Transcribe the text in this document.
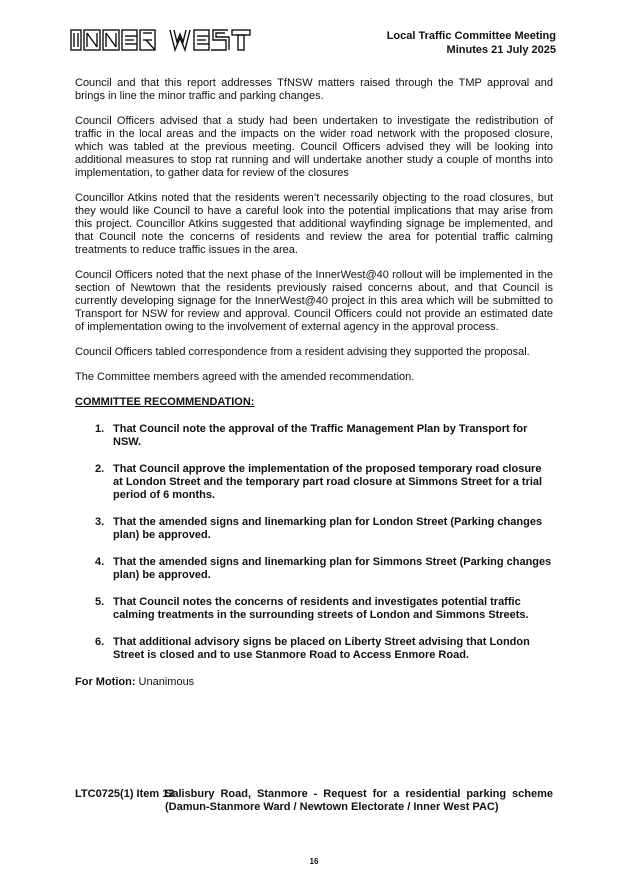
Local Traffic Committee Meeting
Minutes 21 July 2025

Council and that this report addresses TfNSW matters raised through the TMP approval and brings in line the minor traffic and parking changes.

Council Officers advised that a study had been undertaken to investigate the redistribution of traffic in the local areas and the impacts on the wider road network with the proposed closure, which was tabled at the previous meeting. Council Officers advised they will be looking into additional measures to stop rat running and will undertake another study a couple of months into implementation, to gather data for review of the closures

Councillor Atkins noted that the residents weren’t necessarily objecting to the road closures, but they would like Council to have a careful look into the potential implications that may arise from this project. Councillor Atkins suggested that additional wayfinding signage be implemented, and that Council note the concerns of residents and review the area for potential traffic calming treatments to reduce traffic issues in the area.

Council Officers noted that the next phase of the InnerWest@40 rollout will be implemented in the section of Newtown that the residents previously raised concerns about, and that Council is currently developing signage for the InnerWest@40 project in this area which will be submitted to Transport for NSW for review and approval. Council Officers could not provide an estimated date of implementation owing to the involvement of external agency in the approval process.

Council Officers tabled correspondence from a resident advising they supported the proposal.

The Committee members agreed with the amended recommendation.

COMMITTEE RECOMMENDATION:
1. That Council note the approval of the Traffic Management Plan by Transport for NSW.
2. That Council approve the implementation of the proposed temporary road closure at London Street and the temporary part road closure at Simmons Street for a trial period of 6 months.
3. That the amended signs and linemarking plan for London Street (Parking changes plan) be approved.
4. That the amended signs and linemarking plan for Simmons Street (Parking changes plan) be approved.
5. That Council notes the concerns of residents and investigates potential traffic calming treatments in the surrounding streets of London and Simmons Streets.
6. That additional advisory signs be placed on Liberty Street advising that London Street is closed and to use Stanmore Road to Access Enmore Road.
For Motion: Unanimous
LTC0725(1) Item 13
Salisbury Road, Stanmore - Request for a residential parking scheme (Damun-Stanmore Ward / Newtown Electorate / Inner West PAC)
16
